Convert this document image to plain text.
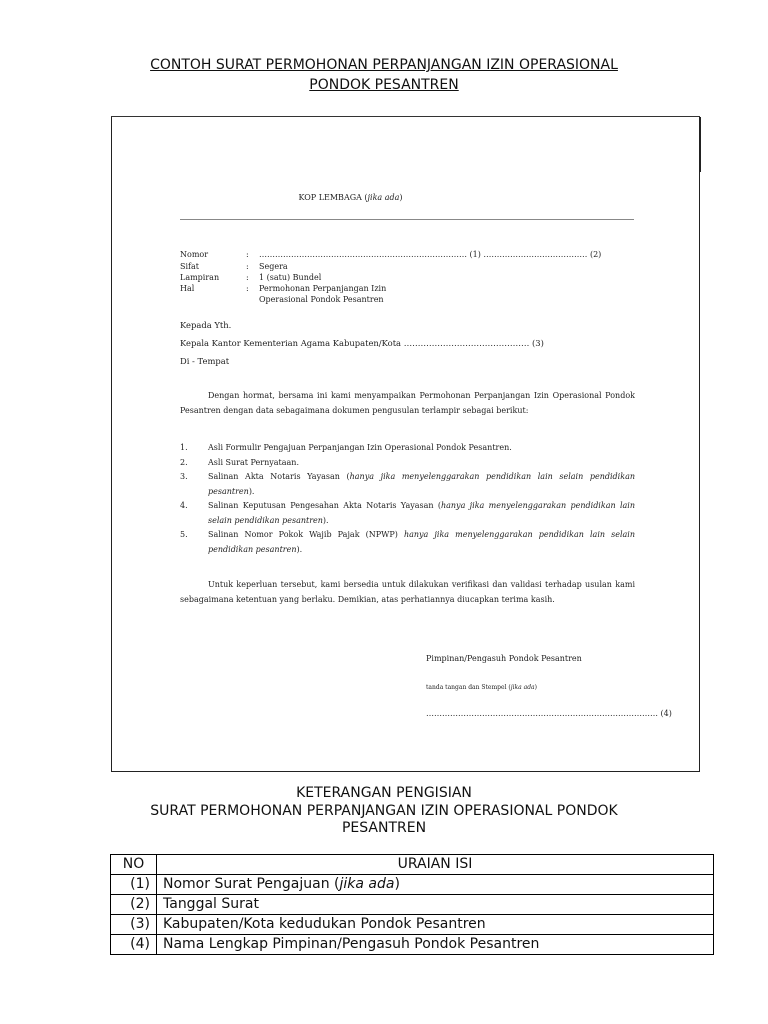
CONTOH SURAT PERMOHONAN PERPANJANGAN IZIN OPERASIONAL
PONDOK PESANTREN
KOP LEMBAGA (jika ada)
Nomor	: …………………………………………………………………… (1) ………………………………… (2)
Sifat	: Segera
Lampiran	: 1 (satu) Bundel
Hal	: Permohonan Perpanjangan Izin
Operasional Pondok Pesantren
Kepada Yth.
Kepala Kantor Kementerian Agama Kabupaten/Kota ……………………………………… (3)
Di - Tempat
Dengan hormat, bersama ini kami menyampaikan Permohonan Perpanjangan Izin Operasional Pondok Pesantren dengan data sebagaimana dokumen pengusulan terlampir sebagai berikut:
1.	Asli Formulir Pengajuan Perpanjangan Izin Operasional Pondok Pesantren.
2.	Asli Surat Pernyataan.
3.	Salinan Akta Notaris Yayasan (hanya jika menyelenggarakan pendidikan lain selain pendidikan pesantren).
4.	Salinan Keputusan Pengesahan Akta Notaris Yayasan (hanya jika menyelenggarakan pendidikan lain selain pendidikan pesantren).
5.	Salinan Nomor Pokok Wajib Pajak (NPWP) hanya jika menyelenggarakan pendidikan lain selain pendidikan pesantren).
Untuk keperluan tersebut, kami bersedia untuk dilakukan verifikasi dan validasi terhadap usulan kami sebagaimana ketentuan yang berlaku. Demikian, atas perhatiannya diucapkan terima kasih.
Pimpinan/Pengasuh Pondok Pesantren
tanda tangan dan Stempel (jika ada)
…………………………………………………………………………… (4)
KETERANGAN PENGISIAN
SURAT PERMOHONAN PERPANJANGAN IZIN OPERASIONAL PONDOK
PESANTREN
NO	URAIAN ISI
(1)	Nomor Surat Pengajuan (jika ada)
(2)	Tanggal Surat
(3)	Kabupaten/Kota kedudukan Pondok Pesantren
(4)	Nama Lengkap Pimpinan/Pengasuh Pondok Pesantren
